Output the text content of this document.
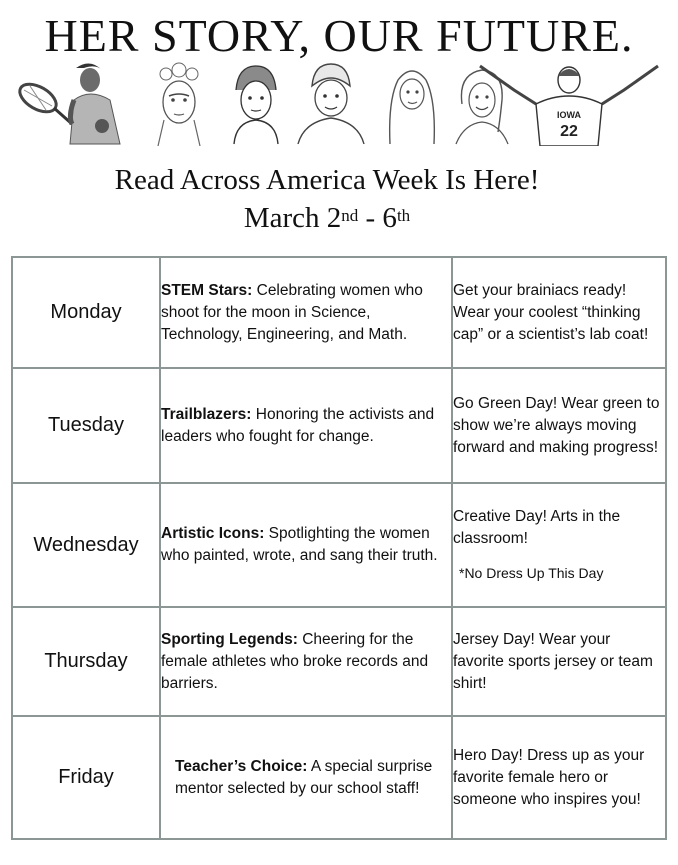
HER STORY, OUR FUTURE.
IOWA
22
Read Across America Week Is Here!
March 2nd - 6th
Monday	STEM Stars: Celebrating women who shoot for the moon in Science, Technology, Engineering, and Math.	Get your brainiacs ready! Wear your coolest “thinking cap” or a scientist’s lab coat!

Tuesday	Trailblazers: Honoring the activists and leaders who fought for change.	Go Green Day! Wear green to show we’re always moving forward and making progress!

Wednesday	Artistic Icons: Spotlighting the women who painted, wrote, and sang their truth.	Creative Day! Arts in the classroom!
*No Dress Up This Day

Thursday	Sporting Legends: Cheering for the female athletes who broke records and barriers.	Jersey Day! Wear your favorite sports jersey or team shirt!

Friday	Teacher’s Choice: A special surprise mentor selected by our school staff!	Hero Day! Dress up as your favorite female hero or someone who inspires you!
